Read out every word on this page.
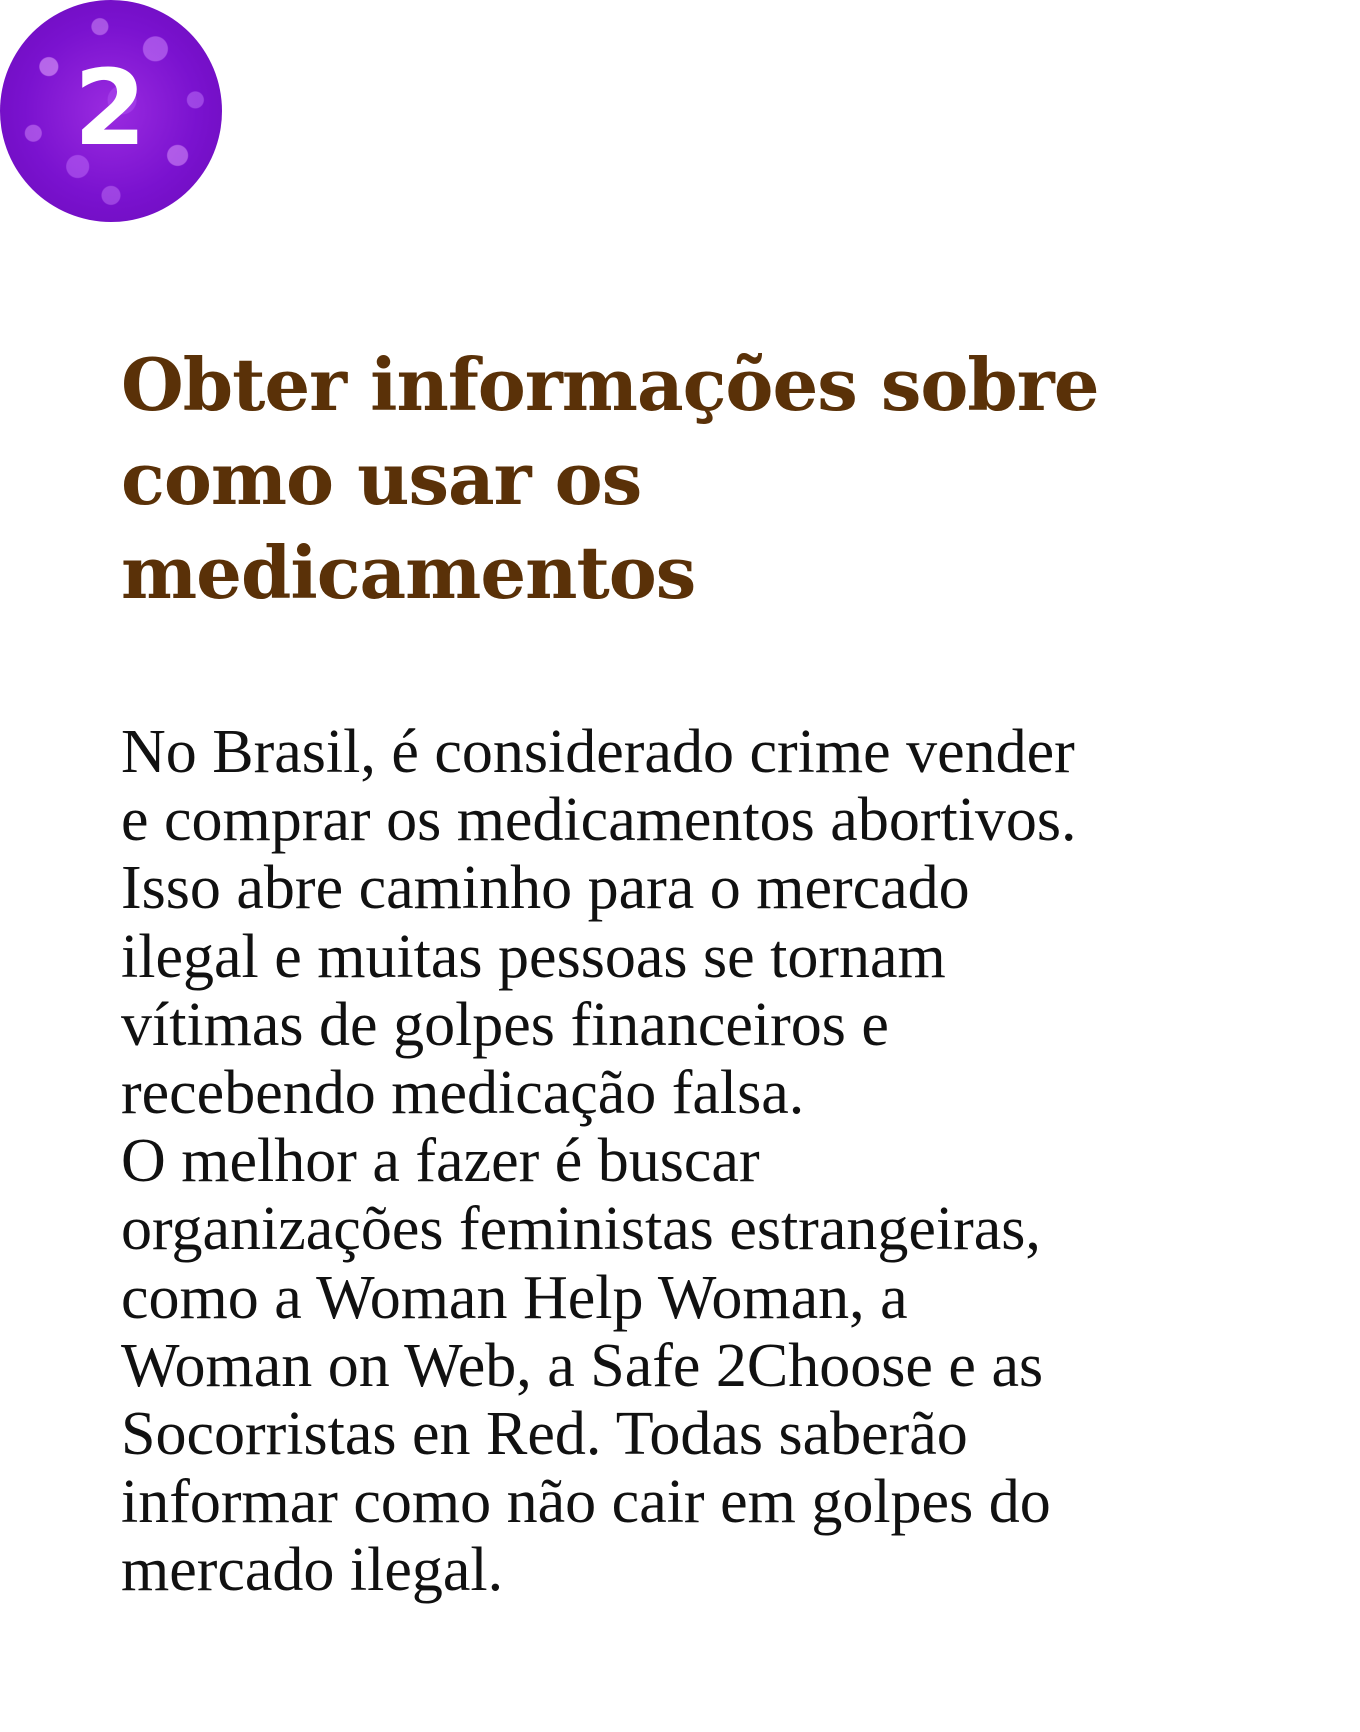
2
Obter informações sobre
como usar os
medicamentos

No Brasil, é considerado crime vender
e comprar os medicamentos abortivos.
Isso abre caminho para o mercado
ilegal e muitas pessoas se tornam
vítimas de golpes financeiros e
recebendo medicação falsa.
O melhor a fazer é buscar
organizações feministas estrangeiras,
como a Woman Help Woman, a
Woman on Web, a Safe 2Choose e as
Socorristas en Red. Todas saberão
informar como não cair em golpes do
mercado ilegal.
